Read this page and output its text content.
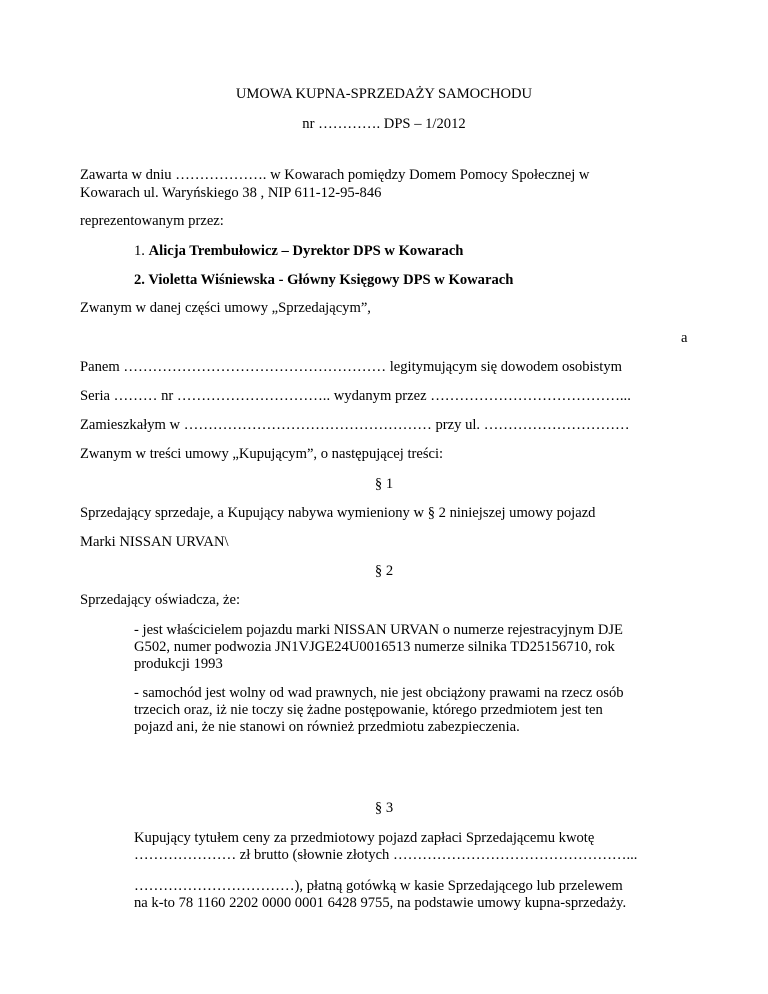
UMOWA KUPNA-SPRZEDAŻY SAMOCHODU
nr …………. DPS – 1/2012
Zawarta w dniu ………………. w Kowarach pomiędzy Domem Pomocy Społecznej w
Kowarach ul. Waryńskiego 38 , NIP 611-12-95-846
reprezentowanym przez:
1. Alicja Trembułowicz – Dyrektor DPS w Kowarach
2. Violetta Wiśniewska - Główny Księgowy DPS w Kowarach
Zwanym w danej części umowy „Sprzedającym”,
a
Panem ……………………………………………… legitymującym się dowodem osobistym
Seria ……… nr ………………………….. wydanym przez …………………………………...
Zamieszkałym w …………………………………………… przy ul. …………………………
Zwanym w treści umowy „Kupującym”, o następującej treści:
§ 1
Sprzedający sprzedaje, a Kupujący nabywa wymieniony w § 2 niniejszej umowy pojazd
Marki NISSAN URVAN\
§ 2
Sprzedający oświadcza, że:
- jest właścicielem pojazdu marki NISSAN URVAN o numerze rejestracyjnym DJE
G502, numer podwozia JN1VJGE24U0016513 numerze silnika TD25156710, rok
produkcji 1993
- samochód jest wolny od wad prawnych, nie jest obciążony prawami na rzecz osób
trzecich oraz, iż nie toczy się żadne postępowanie, którego przedmiotem jest ten
pojazd ani, że nie stanowi on również przedmiotu zabezpieczenia.
§ 3
Kupujący tytułem ceny za przedmiotowy pojazd zapłaci Sprzedającemu kwotę
………………… zł brutto (słownie złotych …………………………………………...
……………………………), płatną gotówką w kasie Sprzedającego lub przelewem
na k-to 78 1160 2202 0000 0001 6428 9755, na podstawie umowy kupna-sprzedaży.
